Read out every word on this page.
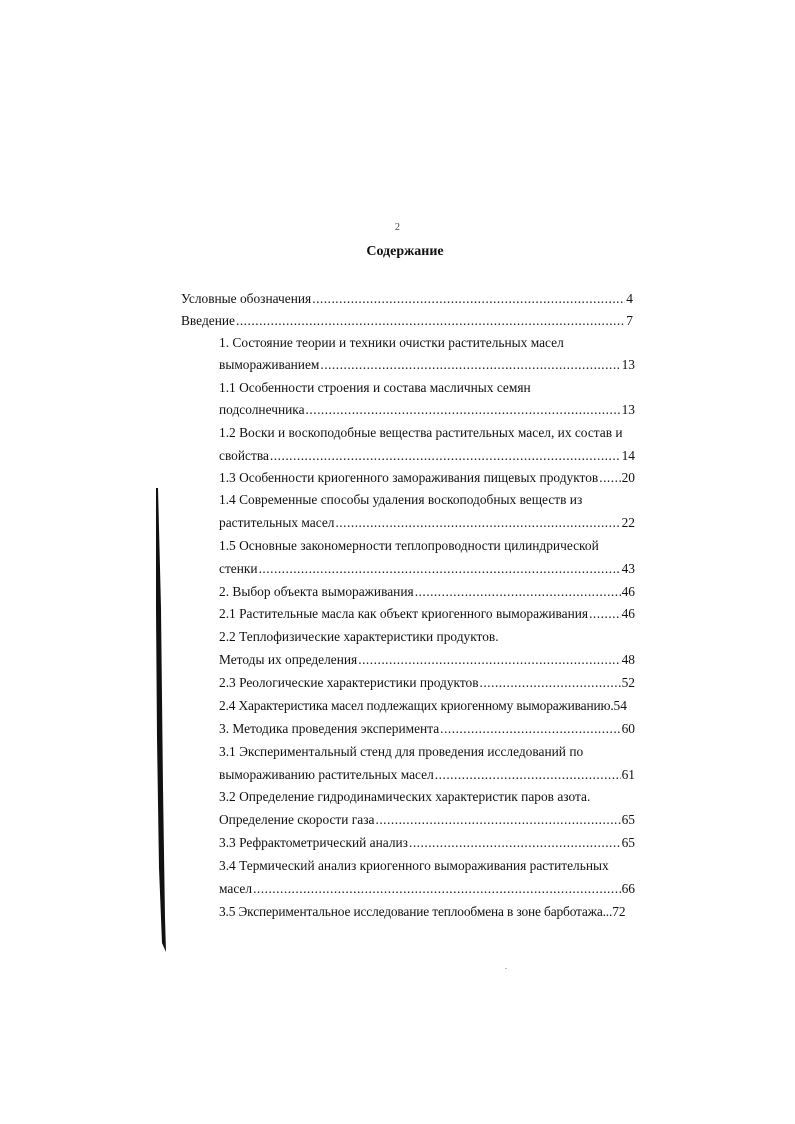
2
Содержание
Условные обозначения .....	4
Введение .....	7
1. Состояние теории и техники очистки растительных масел
вымораживанием .....	13
1.1 Особенности строения и состава масличных семян
подсолнечника .....	13
1.2 Воски и воскоподобные вещества растительных масел, их состав и
свойства .....	14
1.3 Особенности криогенного замораживания пищевых продуктов ..... 20
1.4 Современные способы удаления воскоподобных веществ из
растительных масел .....	22
1.5 Основные закономерности теплопроводности цилиндрической
стенки .....	43
2. Выбор объекта вымораживания .....	46
2.1 Растительные масла как объект криогенного вымораживания .....	46
2.2 Теплофизические характеристики продуктов.
Методы их определения .....	48
2.3 Реологические характеристики продуктов .....	52
2.4 Характеристика масел подлежащих криогенному вымораживанию. 54
3. Методика проведения эксперимента .....	60
3.1 Экспериментальный стенд для проведения исследований по
вымораживанию растительных масел .....	61
3.2 Определение гидродинамических характеристик паров азота.
Определение скорости газа .....	65
3.3 Рефрактометрический анализ .....	65
3.4 Термический анализ криогенного вымораживания растительных
масел .....	66
3.5 Экспериментальное исследование теплообмена в зоне барботажа... 72
